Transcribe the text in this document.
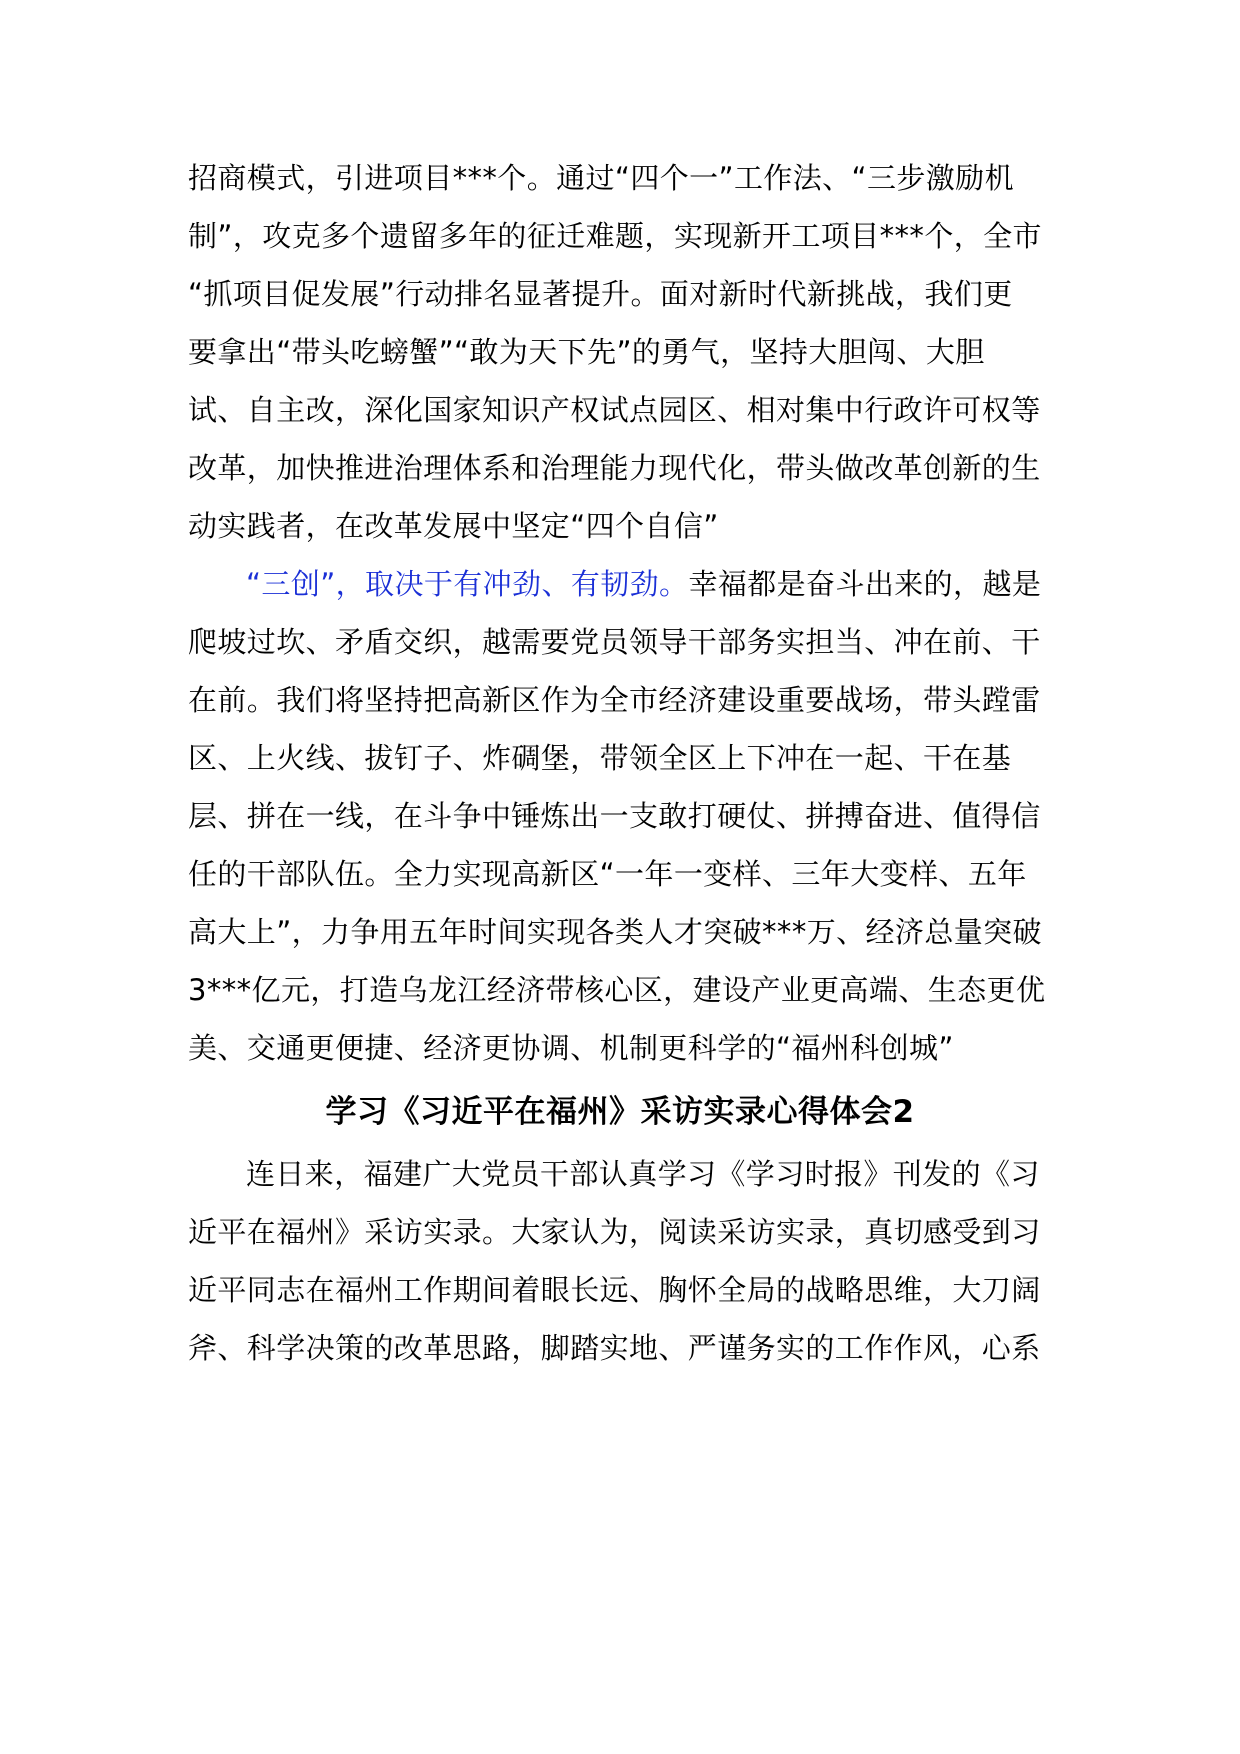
招商模式，引进项目***个。通过“四个一”工作法、“三步激励机
制”，攻克多个遗留多年的征迁难题，实现新开工项目***个，全市
“抓项目促发展”行动排名显著提升。面对新时代新挑战，我们更
要拿出“带头吃螃蟹”“敢为天下先”的勇气，坚持大胆闯、大胆
试、自主改，深化国家知识产权试点园区、相对集中行政许可权等
改革，加快推进治理体系和治理能力现代化，带头做改革创新的生
动实践者，在改革发展中坚定“四个自信”
“三创”，取决于有冲劲、有韧劲。幸福都是奋斗出来的，越是
爬坡过坎、矛盾交织，越需要党员领导干部务实担当、冲在前、干
在前。我们将坚持把高新区作为全市经济建设重要战场，带头蹚雷
区、上火线、拔钉子、炸碉堡，带领全区上下冲在一起、干在基
层、拼在一线，在斗争中锤炼出一支敢打硬仗、拼搏奋进、值得信
任的干部队伍。全力实现高新区“一年一变样、三年大变样、五年
高大上”，力争用五年时间实现各类人才突破***万、经济总量突破
3***亿元，打造乌龙江经济带核心区，建设产业更高端、生态更优
美、交通更便捷、经济更协调、机制更科学的“福州科创城”
学习《习近平在福州》采访实录心得体会2
连日来，福建广大党员干部认真学习《学习时报》刊发的《习
近平在福州》采访实录。大家认为，阅读采访实录，真切感受到习
近平同志在福州工作期间着眼长远、胸怀全局的战略思维，大刀阔
斧、科学决策的改革思路，脚踏实地、严谨务实的工作作风，心系
